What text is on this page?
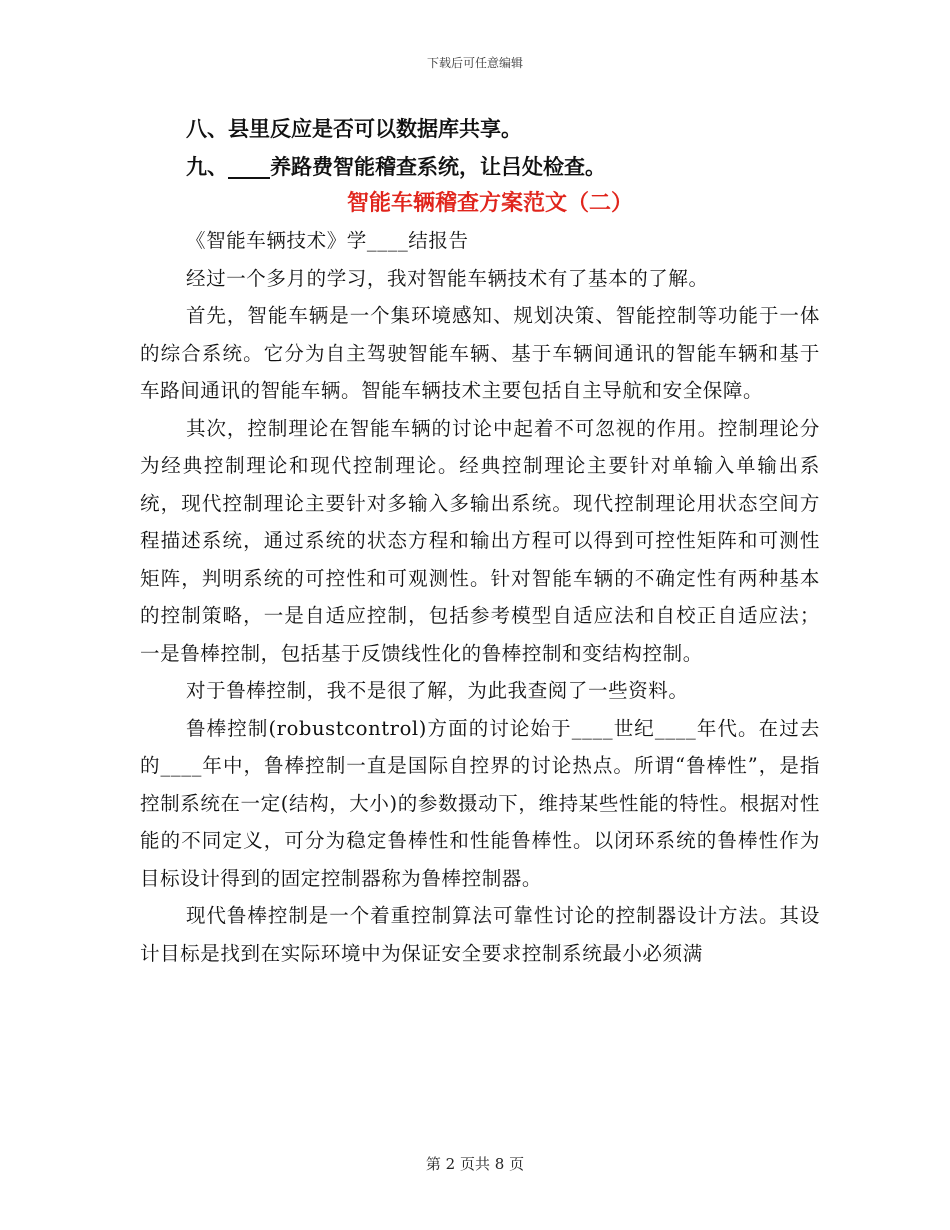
下载后可任意编辑

八、县里反应是否可以数据库共享。

九、____养路费智能稽查系统，让吕处检查。

智能车辆稽查方案范文（二）

《智能车辆技术》学____结报告

经过一个多月的学习，我对智能车辆技术有了基本的了解。

首先，智能车辆是一个集环境感知、规划决策、智能控制等功能于一体的综合系统。它分为自主驾驶智能车辆、基于车辆间通讯的智能车辆和基于车路间通讯的智能车辆。智能车辆技术主要包括自主导航和安全保障。

其次，控制理论在智能车辆的讨论中起着不可忽视的作用。控制理论分为经典控制理论和现代控制理论。经典控制理论主要针对单输入单输出系统，现代控制理论主要针对多输入多输出系统。现代控制理论用状态空间方程描述系统，通过系统的状态方程和输出方程可以得到可控性矩阵和可测性矩阵，判明系统的可控性和可观测性。针对智能车辆的不确定性有两种基本的控制策略，一是自适应控制，包括参考模型自适应法和自校正自适应法；一是鲁棒控制，包括基于反馈线性化的鲁棒控制和变结构控制。

对于鲁棒控制，我不是很了解，为此我查阅了一些资料。

鲁棒控制(robustcontrol)方面的讨论始于____世纪____年代。在过去的____年中，鲁棒控制一直是国际自控界的讨论热点。所谓“鲁棒性”，是指控制系统在一定(结构，大小)的参数摄动下，维持某些性能的特性。根据对性能的不同定义，可分为稳定鲁棒性和性能鲁棒性。以闭环系统的鲁棒性作为目标设计得到的固定控制器称为鲁棒控制器。

现代鲁棒控制是一个着重控制算法可靠性讨论的控制器设计方法。其设计目标是找到在实际环境中为保证安全要求控制系统最小必须满

第 2 页共 8 页
